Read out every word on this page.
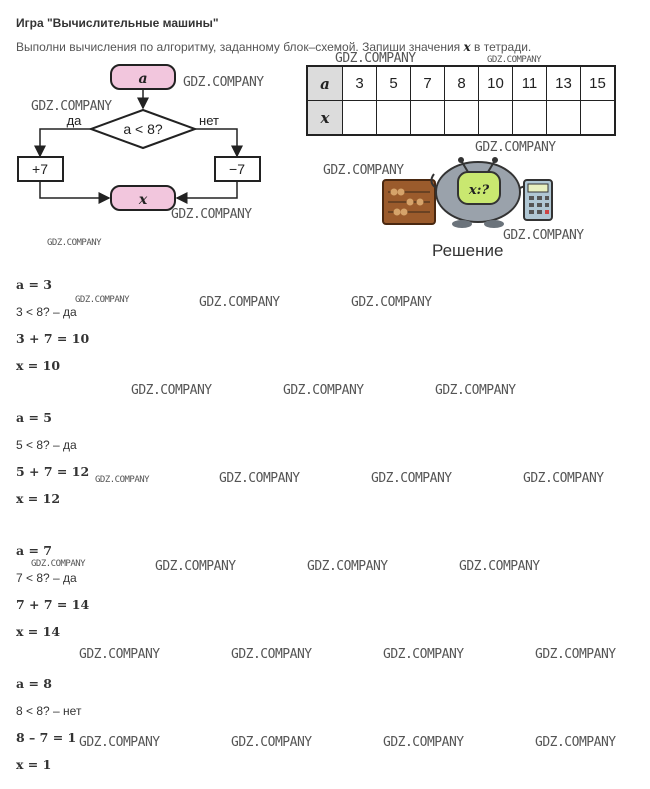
Игра "Вычислительные машины"
Выполни вычисления по алгоритму, заданному блок–схемой. Запиши значения x в тетради.
a
a < 8?
да	нет
+7	−7
x
x:?
a	3	5	7	8	10	11	13	15
x								
Решение
a = 3
3 < 8? – да
3 + 7 = 10
x = 10
a = 5
5 < 8? – да
5 + 7 = 12
x = 12
a = 7
7 < 8? – да
7 + 7 = 14
x = 14
a = 8
8 < 8? – нет
8 – 7 = 1
x = 1
GDZ.COMPANY	GDZ.COMPANY
GDZ.COMPANY
GDZ.COMPANY
GDZ.COMPANY
GDZ.COMPANY
GDZ.COMPANY
GDZ.COMPANY
GDZ.COMPANY
GDZ.COMPANY	GDZ.COMPANY	GDZ.COMPANY
GDZ.COMPANY	GDZ.COMPANY	GDZ.COMPANY
GDZ.COMPANY	GDZ.COMPANY	GDZ.COMPANY	GDZ.COMPANY
GDZ.COMPANY	GDZ.COMPANY	GDZ.COMPANY	GDZ.COMPANY
GDZ.COMPANY	GDZ.COMPANY	GDZ.COMPANY	GDZ.COMPANY
GDZ.COMPANY	GDZ.COMPANY	GDZ.COMPANY	GDZ.COMPANY
